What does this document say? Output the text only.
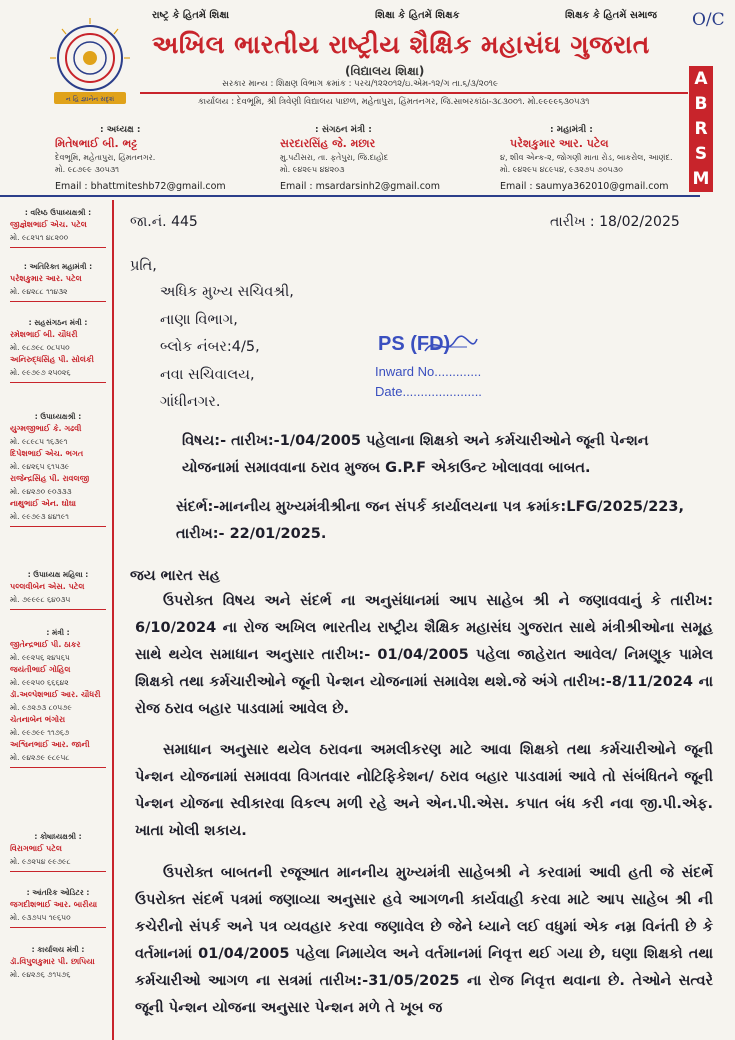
રાષ્ટ્ર કે હિતમેં શિક્ષા	શિક્ષા કે હિતમેં શિક્ષક	શિક્ષક કે હિતમેં સમાજ O/C
ન હિ જ્ઞાનેન સદૃશં
અખિલ ભારતીય રાષ્ટ્રીય શૈક્ષિક મહાસંઘ ગુજરાત
(વિદ્યાલય શિક્ષા)
સરકાર માન્ય : શિક્ષણ વિભાગ ક્રમાંક : પરચ/૧૨૨૦૧૨/ઇ.એમ-૧૨/ગ તા.૬/૩/૨૦૧૯
કાર્યાલય : દેવભૂમિ, શ્રી ત્રિવેણી વિદ્યાલય પાછળ, મહેતાપુરા, હિંમતનગર, જિ.સાબરકાંઠા-૩૮૩૦૦૧. મો.૯૯૯૯૬૩૦૫૩૧
A
B
R
S
M
: અધ્યક્ષ :
મિતેષભાઈ બી. ભટ્ટ
દેવભૂમિ, મહેતાપુરા, હિંમતનગર.
મો. ૯૮૭૯૯ ૩૦૫૩૧
Email : bhattmiteshb72@gmail.com
: સંગઠન મંત્રી :
સરદારસિંહ જે. મછાર
મુ.પટીસરા, તા. ફતેપુરા, જિ.દાહોદ
મો. ૯૪૨૯૫ ૪૪૨૦૩
Email : msardarsinh2@gmail.com
: મહામંત્રી :
પરેશકુમાર આર. પટેલ
૪, શીવ એન્ક-૨, જોગણી માતા રોડ, બાકરોલ, આણંદ.
મો. ૯૪૨૯૫ ૪૮૯૫૪, ૯૩૨૭૫ ૭૦૫૩૦
Email : saumya362010@gmail.com
: વરિષ્ઠ ઉપાધ્યક્ષશ્રી :
જીજ્ઞેશભાઈ એચ. પટેલ
મો. ૯૮૨૫૧ ૪૮૨૦૦
: અતિરિક્ત મહામંત્રી :
પરેશકુમાર આર. પટેલ
મો. ૯૪૨૮૮ ૧૧૪૩૨
: સહસંગઠન મંત્રી :
રમેશભાઈ બી. ચૌધરી
મો. ૯૮૭૯૮ ૦૮૫૫૦
અનિરુદ્ધસિંહ પી. સોલંકી
મો. ૯૯૭૯૭ ૨૫૦૨૬
: ઉપાધ્યક્ષશ્રી :
યુગ્મજીભાઈ કે. ગઢવી
મો. ૯૮૯૮૫ ૧૬૩૯૧
દિપેશભાઈ એચ. ભગત
મો. ૯૪૨૬૫ ૬૧૫૩૯
રાજેન્દ્રસિંહ પી. રાવલજી
મો. ૯૪૨૭૦ ૯૦૩૩૩
નાથુભાઈ એન. ઘોઘા
મો. ૯૯૭૯૩ ૪૪૧૯૧
: ઉપાધ્યક્ષ મહિલા :
પલ્લવીબેન એસ. પટેલ
મો. ૭૯૯૯૮ ૬૪૦૩૫
: મંત્રી :
જીતેન્દ્રભાઈ પી. ઠાકર
મો. ૯૯૨૫૬ ૨૪૫૬૫
જયંતીભાઈ ગોહિલ
મો. ૯૯૨૫૦ ૬૬૬૪૨
ડૉ.અલ્પેશભાઈ આર. ચૌધરી
મો. ૯૭૨૭૩ ૮૦૫૭૯
ચેતનાબેન ભંગોરા
મો. ૯૯૭૯૯ ૧૧૭૬૭
અશ્વિનભાઈ આર. જાની
મો. ૯૪૨૭૯ ૯૮૯૫૮
: કોષાધ્યક્ષશ્રી :
વિરાગભાઈ પટેલ
મો. ૯૭૨૫૪ ૯૯૭૯૮
: આંતરિક ઓડિટર :
જગદીશભાઈ આર. બારીયા
મો. ૯૩૭૫૫ ૧૯૬૫૦
: કાર્યાલય મંત્રી :
ડૉ.વિપુલકુમાર પી. છાપિયા
મો. ૯૪૨૭૬ ૭૧૫૭૬
જા.નં. 445	તારીખ : 18/02/2025
પ્રતિ,
અધિક મુખ્ય સચિવશ્રી,
નાણા વિભાગ,
બ્લોક નંબર:4/5,
નવા સચિવાલય,
ગાંધીનગર.
PS (FD)
Inward No.............
Date......................
વિષય:- તારીખ:-1/04/2005 પહેલાના શિક્ષકો અને કર્મચારીઓને જૂની પેન્શન યોજનામાં સમાવવાના ઠરાવ મુજબ G.P.F એકાઉન્ટ ખોલાવવા બાબત.
સંદર્ભ:-માનનીય મુખ્યમંત્રીશ્રીના જન સંપર્ક કાર્યાલયના પત્ર ક્રમાંક:LFG/2025/223, તારીખ:- 22/01/2025.
જય ભારત સહ
ઉપરોક્ત વિષય અને સંદર્ભ ના અનુસંધાનમાં આપ સાહેબ શ્રી ને જણાવવાનું કે તારીખ: 6/10/2024 ના રોજ અખિલ ભારતીય રાષ્ટ્રીય શૈક્ષિક મહાસંઘ ગુજરાત સાથે મંત્રીશ્રીઓના સમૂહ સાથે થયેલ સમાધાન અનુસાર તારીખ:- 01/04/2005 પહેલા જાહેરાત આવેલ/ નિમણૂક પામેલ શિક્ષકો તથા કર્મચારીઓને જૂની પેન્શન યોજનામાં સમાવેશ થશે.જે અંગે તારીખ:-8/11/2024 ના રોજ ઠરાવ બહાર પાડવામાં આવેલ છે.
સમાધાન અનુસાર થયેલ ઠરાવના અમલીકરણ માટે આવા શિક્ષકો તથા કર્મચારીઓને જૂની પેન્શન યોજનામાં સમાવવા વિગતવાર નોટિફિકેશન/ ઠરાવ બહાર પાડવામાં આવે તો સંબંધિતને જૂની પેન્શન યોજના સ્વીકારવા વિકલ્પ મળી રહે અને એન.પી.એસ. કપાત બંધ કરી નવા જી.પી.એફ. ખાતા ખોલી શકાય.
ઉપરોક્ત બાબતની રજૂઆત માનનીય મુખ્યમંત્રી સાહેબશ્રી ને કરવામાં આવી હતી જે સંદર્ભે ઉપરોક્ત સંદર્ભ પત્રમાં જણાવ્યા અનુસાર હવે આગળની કાર્યવાહી કરવા માટે આપ સાહેબ શ્રી ની કચેરીનો સંપર્ક અને પત્ર વ્યવહાર કરવા જણાવેલ છે જેને ધ્યાને લઈ વધુમાં એક નમ્ર વિનંતી છે કે વર્તમાનમાં 01/04/2005 પહેલા નિમાયેલ અને વર્તમાનમાં નિવૃત્ત થઈ ગયા છે, ઘણા શિક્ષકો તથા કર્મચારીઓ આગળ ના સત્રમાં તારીખ:-31/05/2025 ના રોજ નિવૃત્ત થવાના છે. તેઓને સત્વરે જૂની પેન્શન યોજના અનુસાર પેન્શન મળે તે ખૂબ જ
